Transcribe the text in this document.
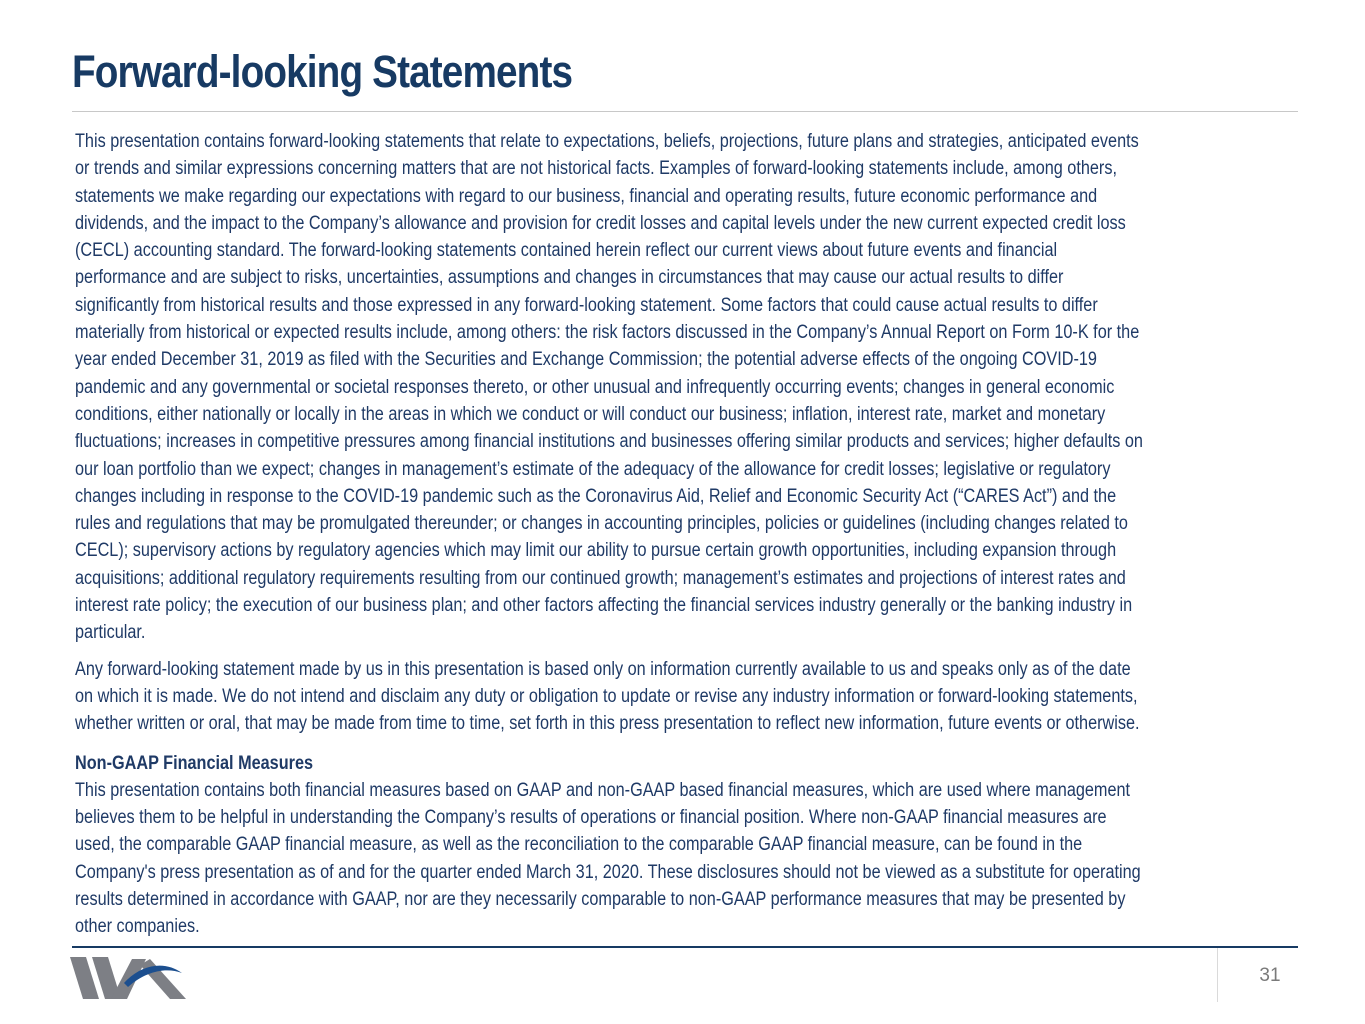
Forward-looking Statements

This presentation contains forward-looking statements that relate to expectations, beliefs, projections, future plans and strategies, anticipated events
or trends and similar expressions concerning matters that are not historical facts. Examples of forward-looking statements include, among others,
statements we make regarding our expectations with regard to our business, financial and operating results, future economic performance and
dividends, and the impact to the Company’s allowance and provision for credit losses and capital levels under the new current expected credit loss
(CECL) accounting standard. The forward-looking statements contained herein reflect our current views about future events and financial
performance and are subject to risks, uncertainties, assumptions and changes in circumstances that may cause our actual results to differ
significantly from historical results and those expressed in any forward-looking statement. Some factors that could cause actual results to differ
materially from historical or expected results include, among others: the risk factors discussed in the Company’s Annual Report on Form 10-K for the
year ended December 31, 2019 as filed with the Securities and Exchange Commission; the potential adverse effects of the ongoing COVID-19
pandemic and any governmental or societal responses thereto, or other unusual and infrequently occurring events; changes in general economic
conditions, either nationally or locally in the areas in which we conduct or will conduct our business; inflation, interest rate, market and monetary
fluctuations; increases in competitive pressures among financial institutions and businesses offering similar products and services; higher defaults on
our loan portfolio than we expect; changes in management’s estimate of the adequacy of the allowance for credit losses; legislative or regulatory
changes including in response to the COVID-19 pandemic such as the Coronavirus Aid, Relief and Economic Security Act (“CARES Act”) and the
rules and regulations that may be promulgated thereunder; or changes in accounting principles, policies or guidelines (including changes related to
CECL); supervisory actions by regulatory agencies which may limit our ability to pursue certain growth opportunities, including expansion through
acquisitions; additional regulatory requirements resulting from our continued growth; management’s estimates and projections of interest rates and
interest rate policy; the execution of our business plan; and other factors affecting the financial services industry generally or the banking industry in
particular.

Any forward-looking statement made by us in this presentation is based only on information currently available to us and speaks only as of the date
on which it is made. We do not intend and disclaim any duty or obligation to update or revise any industry information or forward-looking statements,
whether written or oral, that may be made from time to time, set forth in this press presentation to reflect new information, future events or otherwise.

Non-GAAP Financial Measures

This presentation contains both financial measures based on GAAP and non-GAAP based financial measures, which are used where management
believes them to be helpful in understanding the Company’s results of operations or financial position. Where non-GAAP financial measures are
used, the comparable GAAP financial measure, as well as the reconciliation to the comparable GAAP financial measure, can be found in the
Company's press presentation as of and for the quarter ended March 31, 2020. These disclosures should not be viewed as a substitute for operating
results determined in accordance with GAAP, nor are they necessarily comparable to non-GAAP performance measures that may be presented by
other companies.

31
